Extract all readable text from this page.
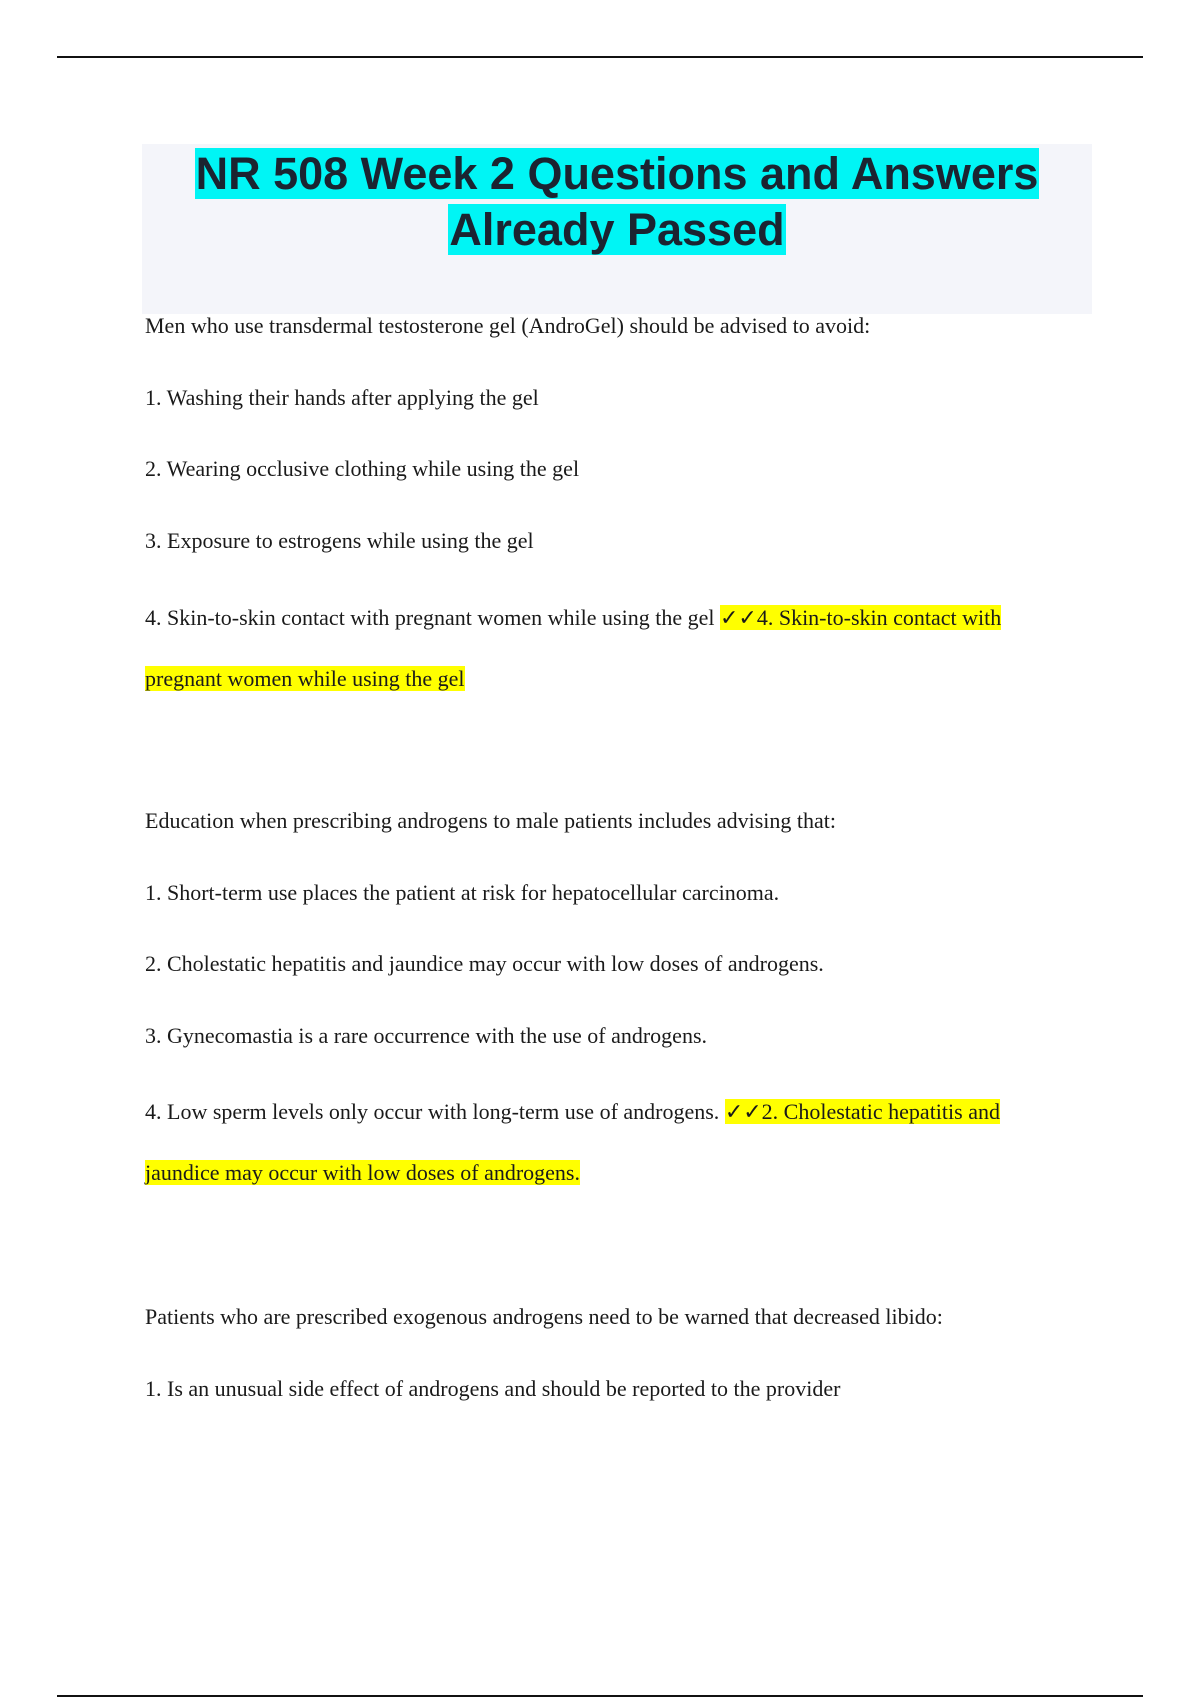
NR 508 Week 2 Questions and Answers
Already Passed

Men who use transdermal testosterone gel (AndroGel) should be advised to avoid:

1. Washing their hands after applying the gel

2. Wearing occlusive clothing while using the gel

3. Exposure to estrogens while using the gel

4. Skin-to-skin contact with pregnant women while using the gel ✓✓4. Skin-to-skin contact with

pregnant women while using the gel

Education when prescribing androgens to male patients includes advising that:

1. Short-term use places the patient at risk for hepatocellular carcinoma.

2. Cholestatic hepatitis and jaundice may occur with low doses of androgens.

3. Gynecomastia is a rare occurrence with the use of androgens.

4. Low sperm levels only occur with long-term use of androgens. ✓✓2. Cholestatic hepatitis and

jaundice may occur with low doses of androgens.

Patients who are prescribed exogenous androgens need to be warned that decreased libido:

1. Is an unusual side effect of androgens and should be reported to the provider
